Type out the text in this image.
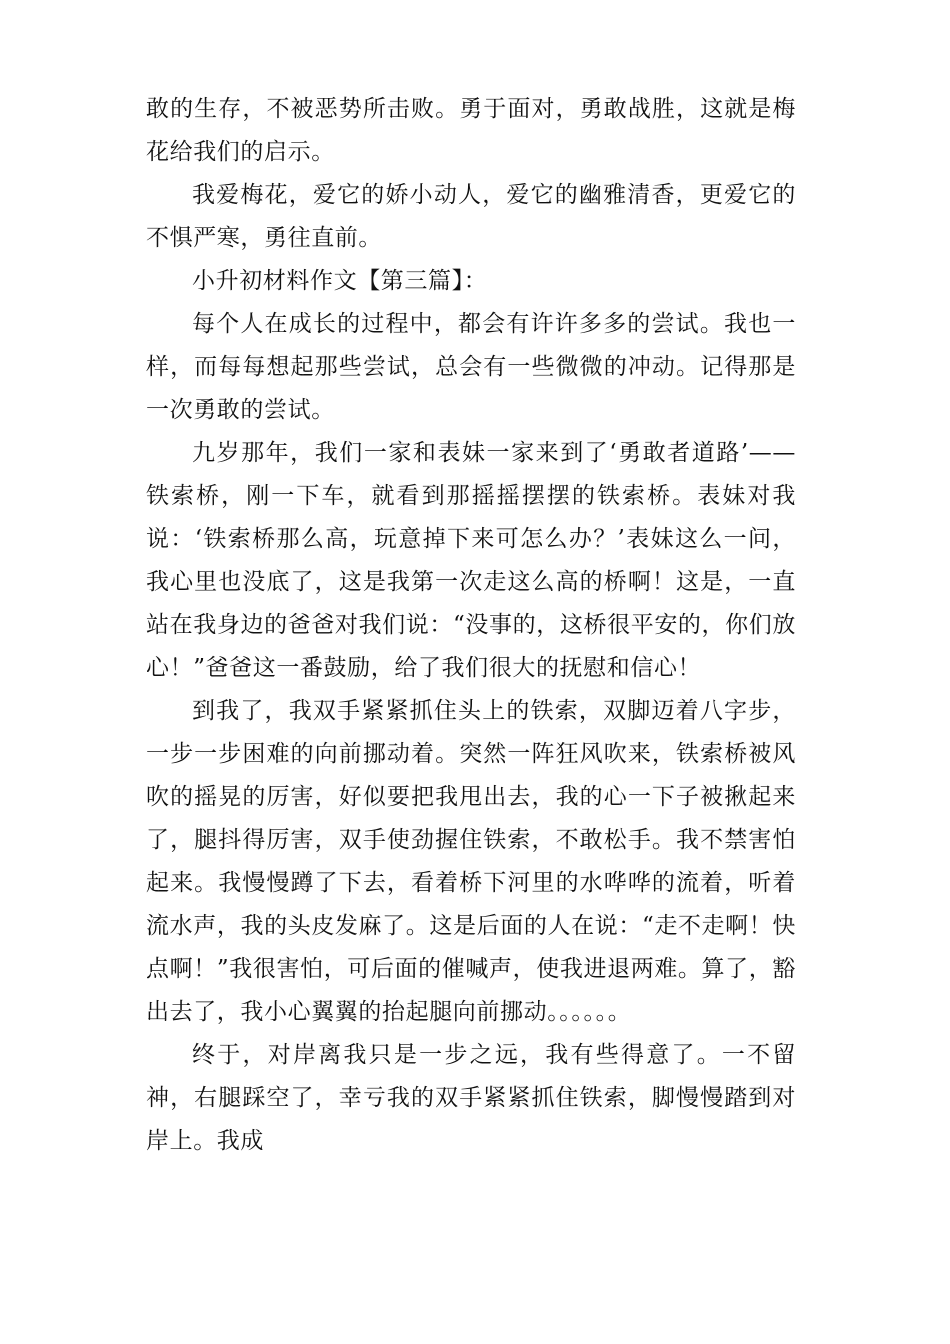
敢的生存，不被恶势所击败。勇于面对，勇敢战胜，这就是梅花给我们的启示。

我爱梅花，爱它的娇小动人，爱它的幽雅清香，更爱它的不惧严寒，勇往直前。

小升初材料作文【第三篇】：

每个人在成长的过程中，都会有许许多多的尝试。我也一样，而每每想起那些尝试，总会有一些微微的冲动。记得那是一次勇敢的尝试。

九岁那年，我们一家和表妹一家来到了‘勇敢者道路’——铁索桥，刚一下车，就看到那摇摇摆摆的铁索桥。表妹对我说：‘铁索桥那么高，玩意掉下来可怎么办？’表妹这么一问，我心里也没底了，这是我第一次走这么高的桥啊！这是，一直站在我身边的爸爸对我们说：“没事的，这桥很平安的，你们放心！”爸爸这一番鼓励，给了我们很大的抚慰和信心！

到我了，我双手紧紧抓住头上的铁索，双脚迈着八字步，一步一步困难的向前挪动着。突然一阵狂风吹来，铁索桥被风吹的摇晃的厉害，好似要把我甩出去，我的心一下子被揪起来了，腿抖得厉害，双手使劲握住铁索，不敢松手。我不禁害怕起来。我慢慢蹲了下去，看着桥下河里的水哗哗的流着，听着流水声，我的头皮发麻了。这是后面的人在说：“走不走啊！快点啊！”我很害怕，可后面的催喊声，使我进退两难。算了，豁出去了，我小心翼翼的抬起腿向前挪动。。。。。。

终于，对岸离我只是一步之远，我有些得意了。一不留神，右腿踩空了，幸亏我的双手紧紧抓住铁索，脚慢慢踏到对岸上。我成
